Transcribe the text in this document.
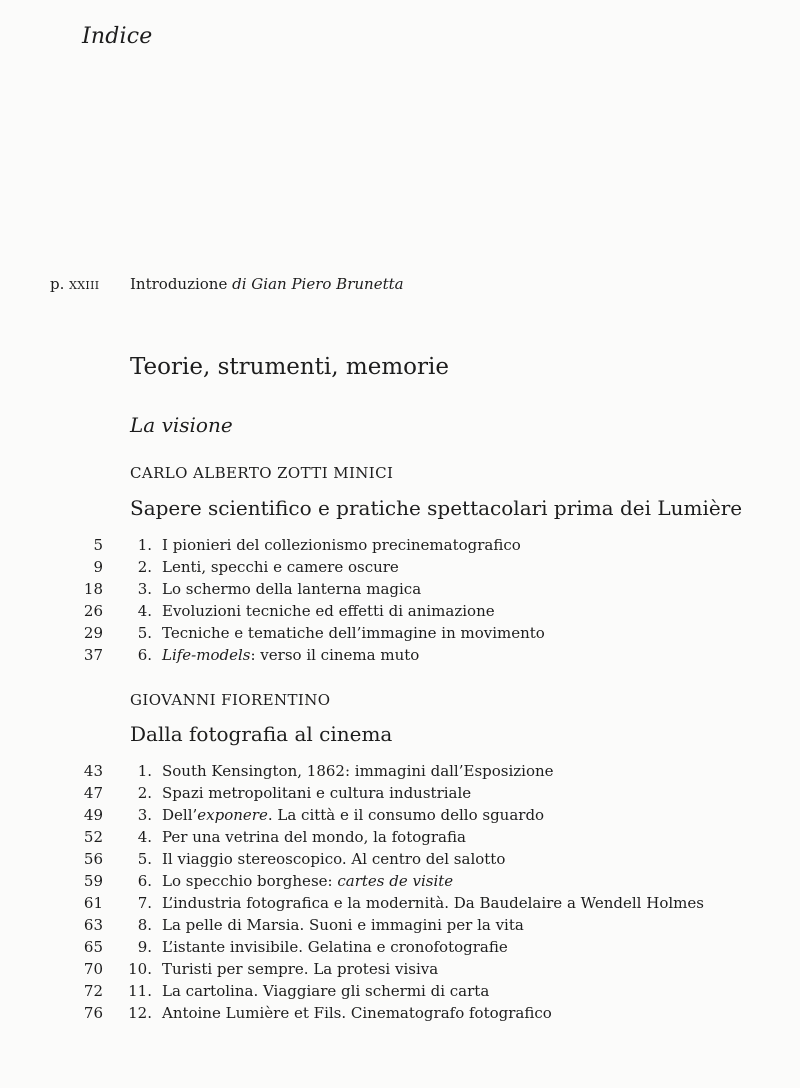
Indice
p. xxiii Introduzione di Gian Piero Brunetta
Teorie, strumenti, memorie
La visione
CARLO ALBERTO ZOTTI MINICI
Sapere scientifico e pratiche spettacolari prima dei Lumière
5	1. I pionieri del collezionismo precinematografico
9	2. Lenti, specchi e camere oscure
18	3. Lo schermo della lanterna magica
26	4. Evoluzioni tecniche ed effetti di animazione
29	5. Tecniche e tematiche dell’immagine in movimento
37	6. Life-models: verso il cinema muto
GIOVANNI FIORENTINO
Dalla fotografia al cinema
43	1. South Kensington, 1862: immagini dall’Esposizione
47	2. Spazi metropolitani e cultura industriale
49	3. Dell’exponere. La città e il consumo dello sguardo
52	4. Per una vetrina del mondo, la fotografia
56	5. Il viaggio stereoscopico. Al centro del salotto
59	6. Lo specchio borghese: cartes de visite
61	7. L’industria fotografica e la modernità. Da Baudelaire a Wendell Holmes
63	8. La pelle di Marsia. Suoni e immagini per la vita
65	9. L’istante invisibile. Gelatina e cronofotografie
70	10. Turisti per sempre. La protesi visiva
72	11. La cartolina. Viaggiare gli schermi di carta
76	12. Antoine Lumière et Fils. Cinematografo fotografico
